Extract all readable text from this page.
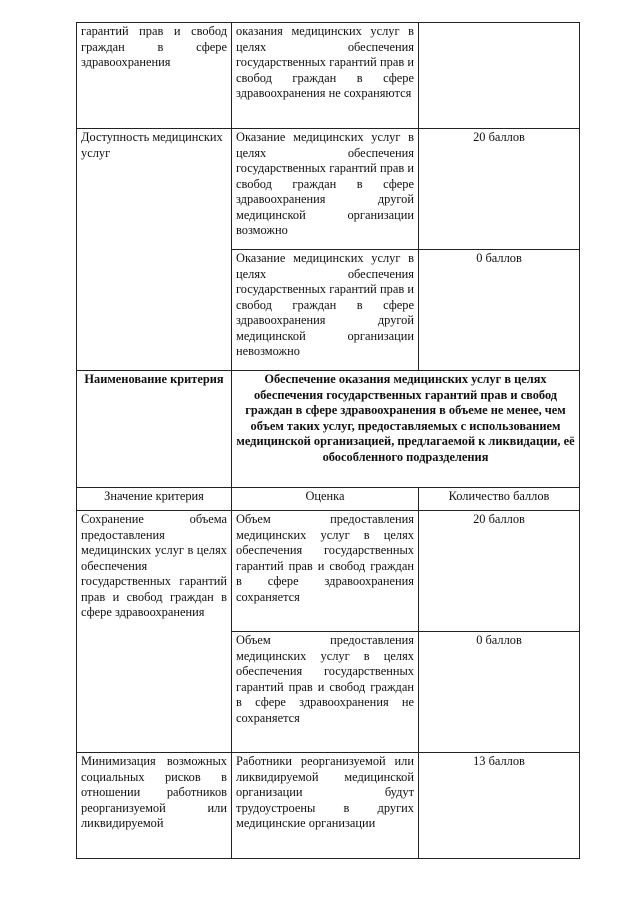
гарантий прав и свобод граждан в сфере здравоохранения	оказания медицинских услуг в целях обеспечения государственных гарантий прав и свобод граждан в сфере здравоохранения не сохраняются	
Доступность медицинских услуг	Оказание медицинских услуг в целях обеспечения государственных гарантий прав и свобод граждан в сфере здравоохранения другой медицинской организации возможно	20 баллов
	Оказание медицинских услуг в целях обеспечения государственных гарантий прав и свобод граждан в сфере здравоохранения другой медицинской организации невозможно	0 баллов
Наименование критерия	Обеспечение оказания медицинских услуг в целях обеспечения государственных гарантий прав и свобод граждан в сфере здравоохранения в объеме не менее, чем объем таких услуг, предоставляемых с использованием медицинской организацией, предлагаемой к ликвидации, её обособленного подразделения	
Значение критерия	Оценка	Количество баллов
Сохранение объема предоставления медицинских услуг в целях обеспечения государственных гарантий прав и свобод граждан в сфере здравоохранения	Объем предоставления медицинских услуг в целях обеспечения государственных гарантий прав и свобод граждан в сфере здравоохранения сохраняется	20 баллов
	Объем предоставления медицинских услуг в целях обеспечения государственных гарантий прав и свобод граждан в сфере здравоохранения не сохраняется	0 баллов
Минимизация возможных социальных рисков в отношении работников реорганизуемой или ликвидируемой	Работники реорганизуемой или ликвидируемой медицинской организации будут трудоустроены в других медицинские организации	13 баллов
